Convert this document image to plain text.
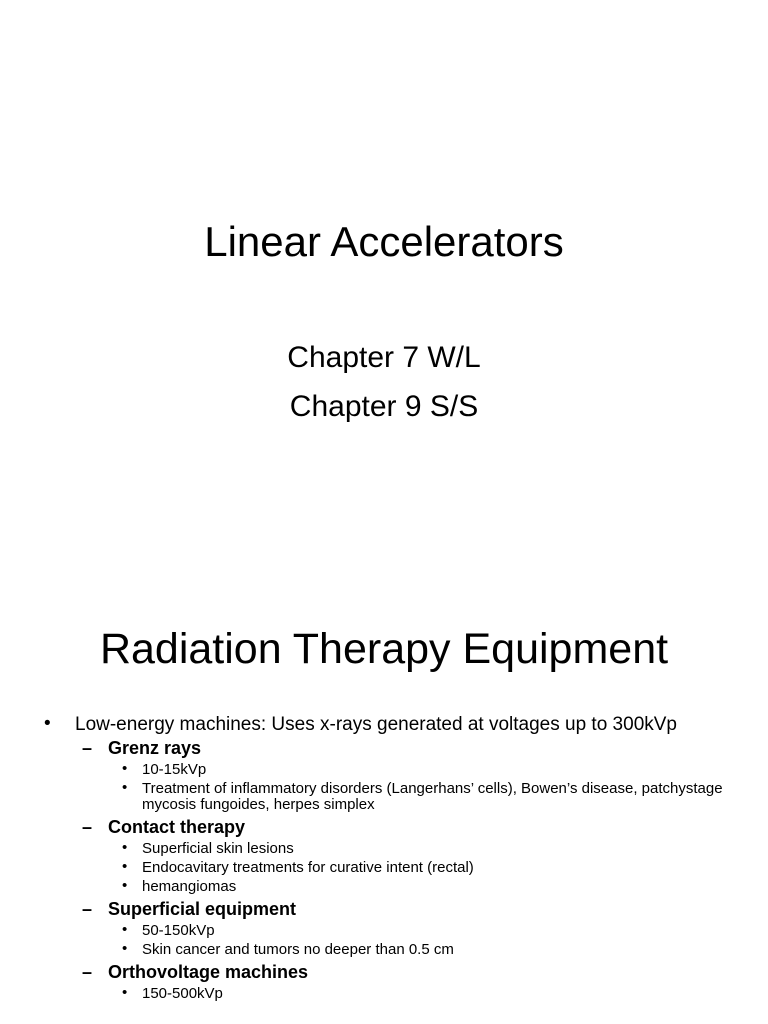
Linear Accelerators
Chapter 7 W/L
Chapter 9 S/S
Radiation Therapy Equipment
• Low-energy machines: Uses x-rays generated at voltages up to 300kVp
– Grenz rays
• 10-15kVp
• Treatment of inflammatory disorders (Langerhans’ cells), Bowen’s disease, patchystage mycosis fungoides, herpes simplex
– Contact therapy
• Superficial skin lesions
• Endocavitary treatments for curative intent (rectal)
• hemangiomas
– Superficial equipment
• 50-150kVp
• Skin cancer and tumors no deeper than 0.5 cm
– Orthovoltage machines
• 150-500kVp
